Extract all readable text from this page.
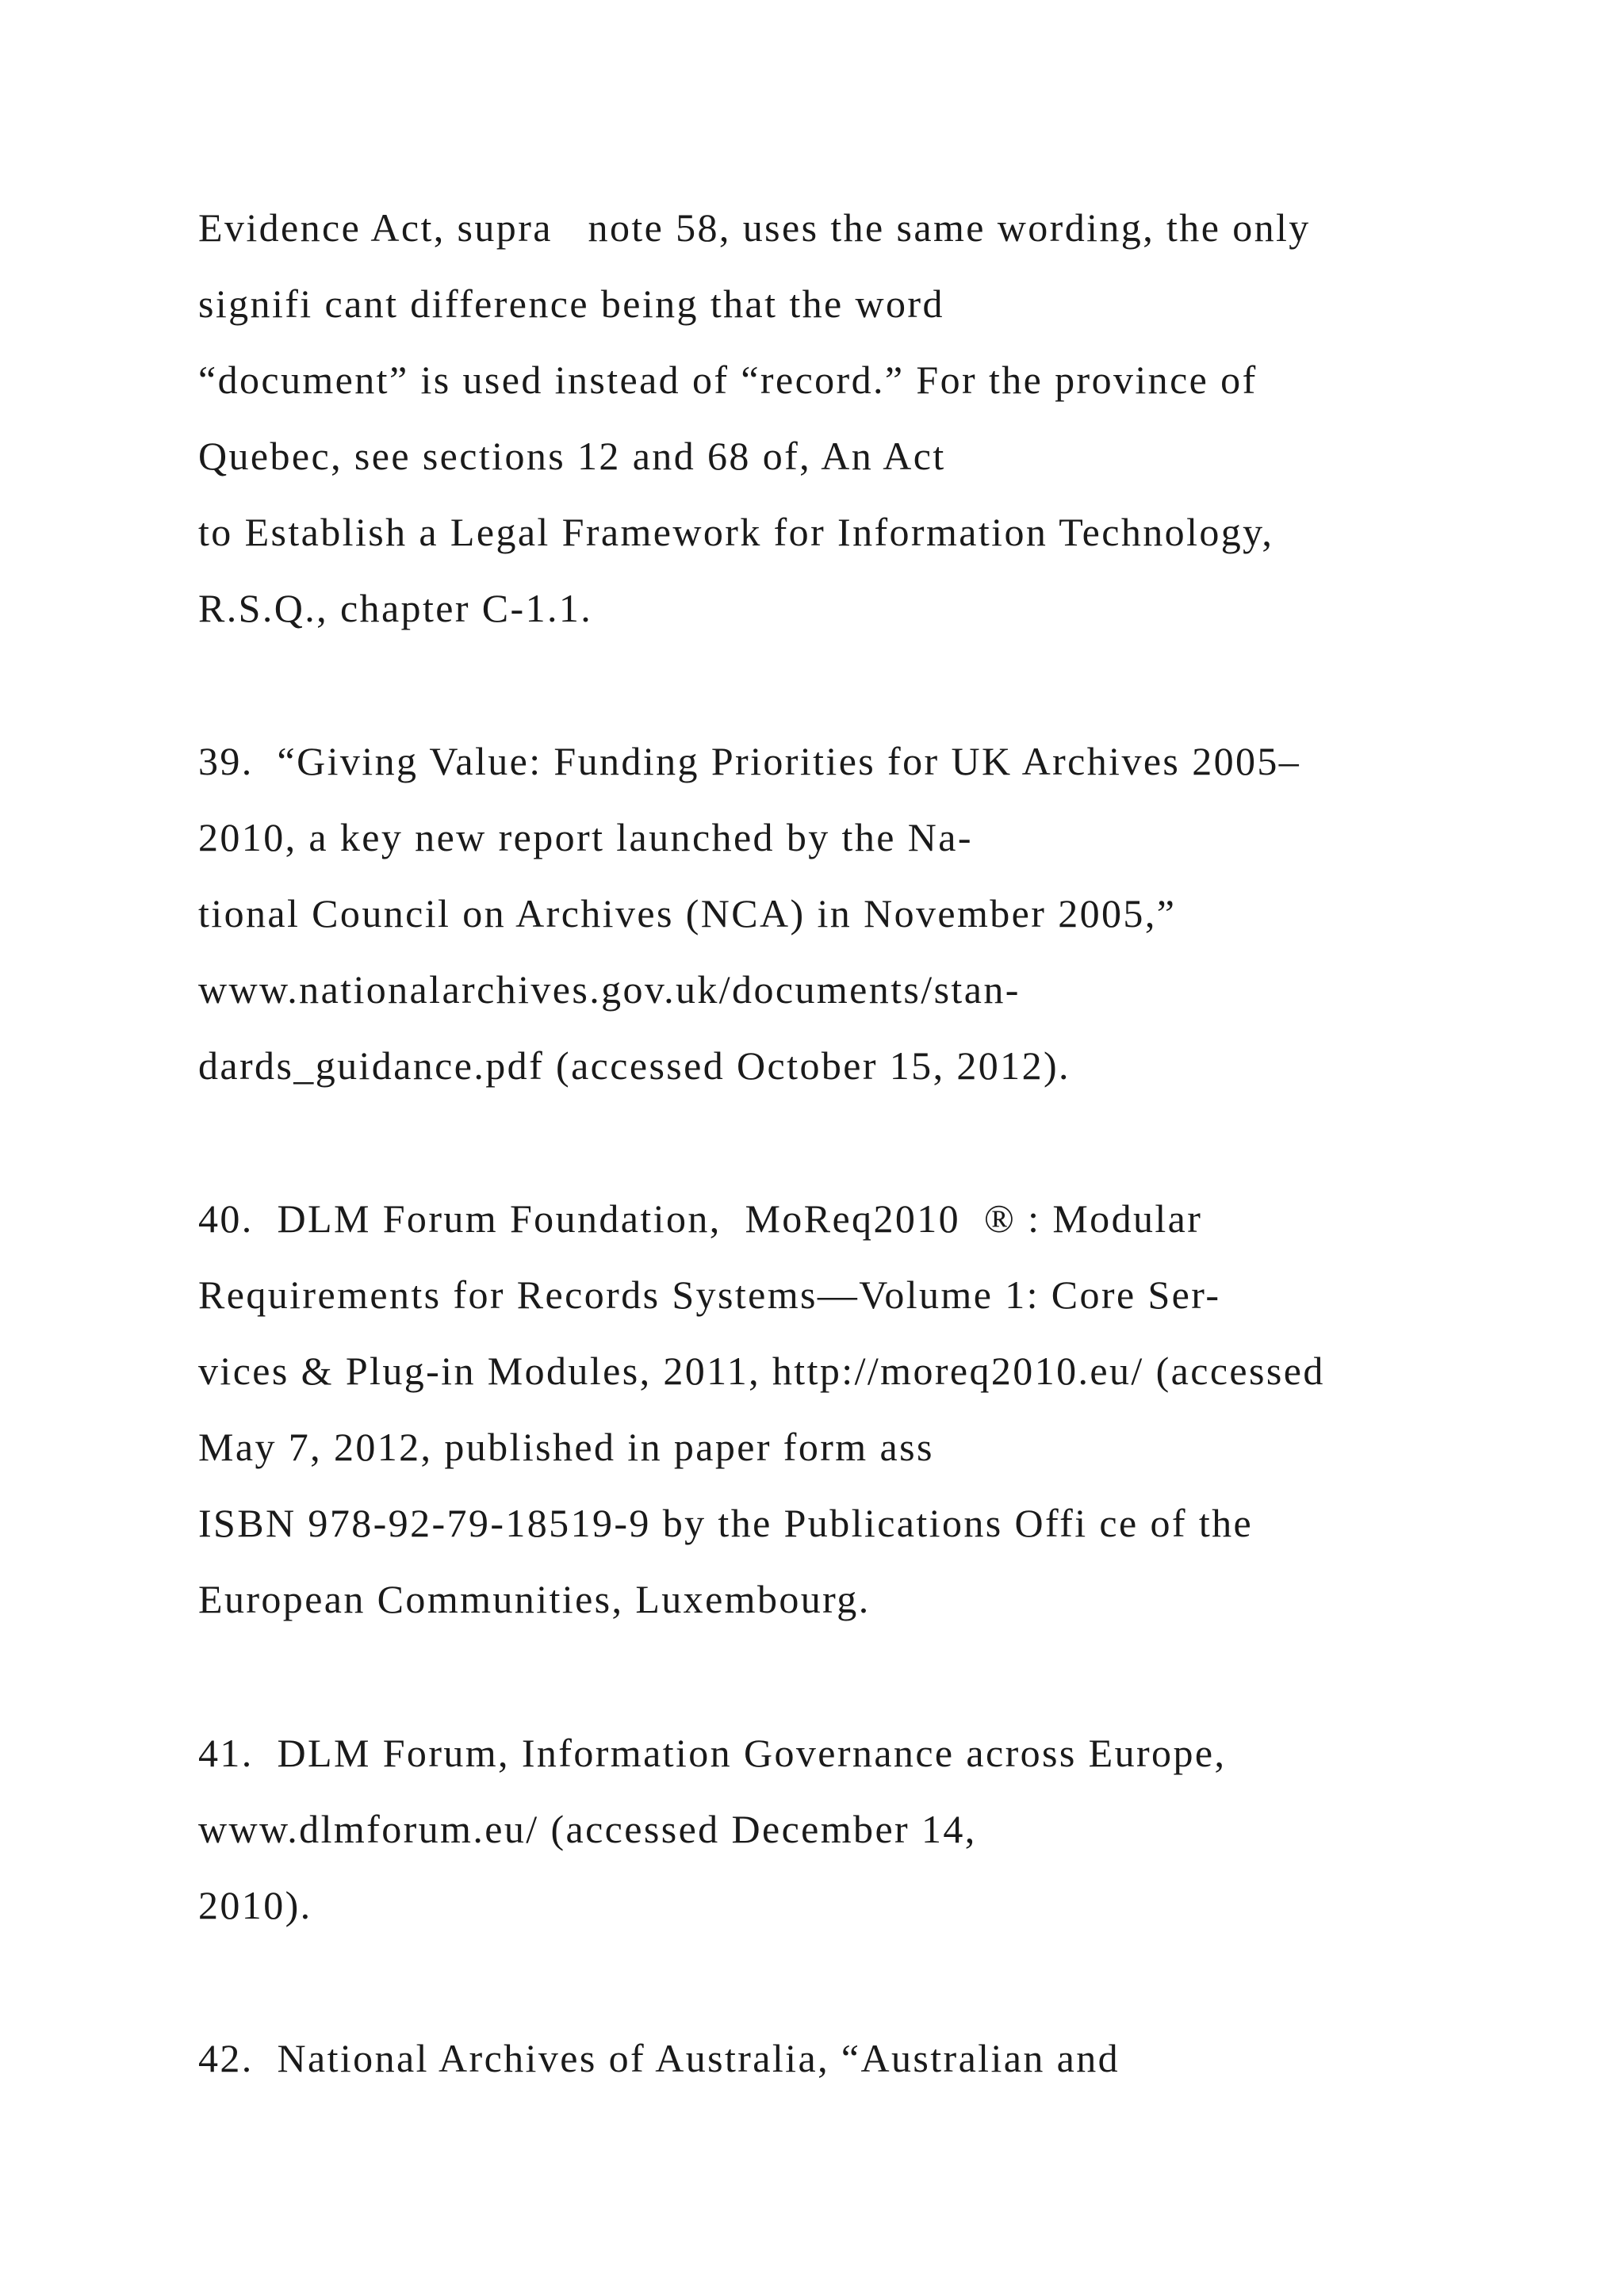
Evidence Act, supra   note 58, uses the same wording, the only
signifi cant difference being that the word
“document” is used instead of “record.” For the province of
Quebec, see sections 12 and 68 of, An Act
to Establish a Legal Framework for Information Technology,
R.S.Q., chapter C-1.1.
39.  “Giving Value: Funding Priorities for UK Archives 2005–
2010, a key new report launched by the Na-
tional Council on Archives (NCA) in November 2005,”
www.nationalarchives.gov.uk/documents/stan-
dards_guidance.pdf (accessed October 15, 2012).
40.  DLM Forum Foundation,  MoReq2010  ® : Modular
Requirements for Records Systems—Volume 1: Core Ser-
vices & Plug-in Modules, 2011, http://moreq2010.eu/ (accessed
May 7, 2012, published in paper form ass
ISBN 978-92-79-18519-9 by the Publications Offi ce of the
European Communities, Luxembourg.
41.  DLM Forum, Information Governance across Europe,
www.dlmforum.eu/ (accessed December 14,
2010).
42.  National Archives of Australia, “Australian and
